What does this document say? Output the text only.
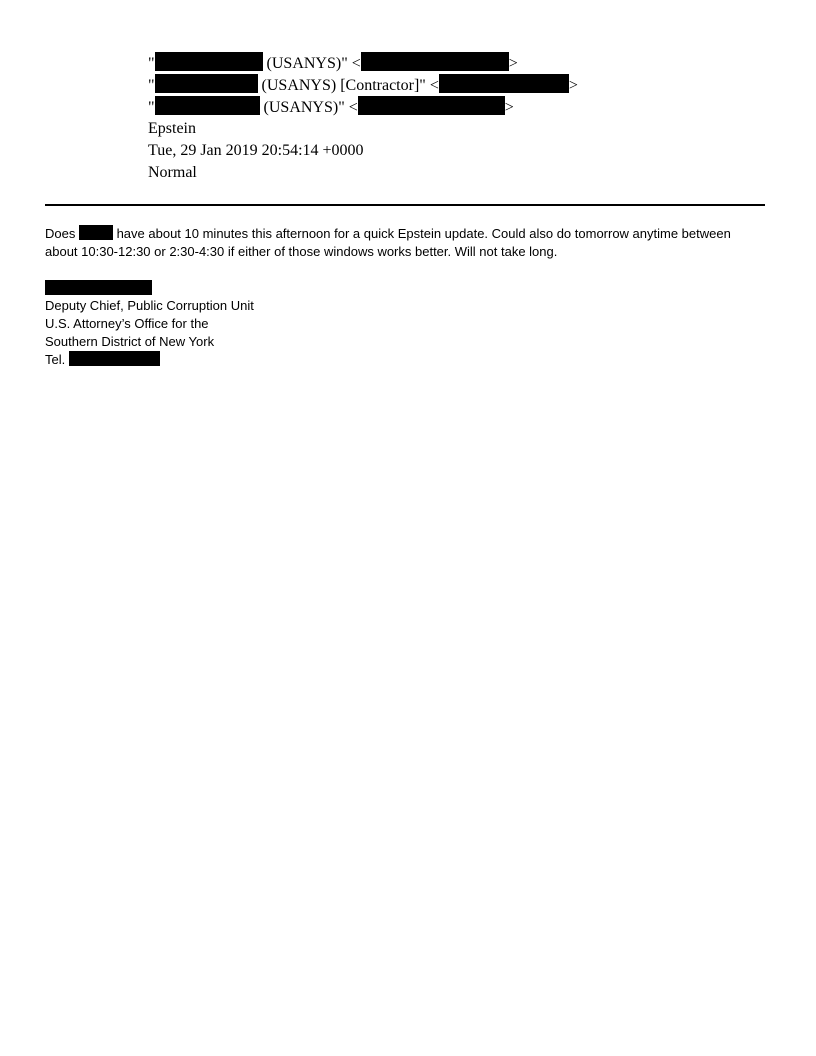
"	(USANYS)" <	>
"	(USANYS) [Contractor]" <	>
"	(USANYS)" <	>
Epstein
Tue, 29 Jan 2019 20:54:14 +0000
Normal
Does	have about 10 minutes this afternoon for a quick Epstein update. Could also do tomorrow anytime between
about 10:30-12:30 or 2:30-4:30 if either of those windows works better. Will not take long.
Deputy Chief, Public Corruption Unit
U.S. Attorney’s Office for the
Southern District of New York
Tel.
